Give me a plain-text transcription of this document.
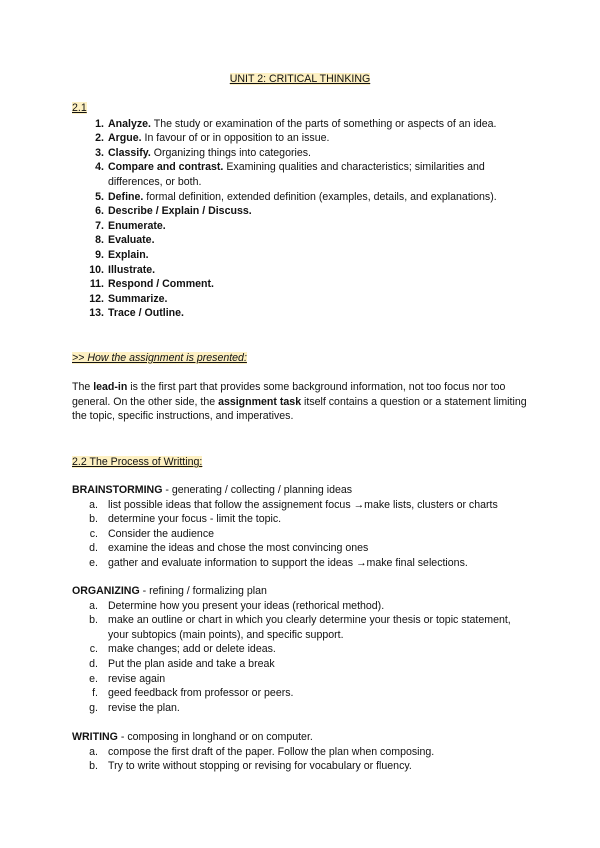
UNIT 2: CRITICAL THINKING
2.1
1. Analyze. The study or examination of the parts of something or aspects of an idea.
2. Argue. In favour of or in opposition to an issue.
3. Classify. Organizing things into categories.
4. Compare and contrast. Examining qualities and characteristics; similarities and differences, or both.
5. Define. formal definition, extended definition (examples, details, and explanations).
6. Describe / Explain / Discuss.
7. Enumerate.
8. Evaluate.
9. Explain.
10. Illustrate.
11. Respond / Comment.
12. Summarize.
13. Trace / Outline.
>> How the assignment is presented:

The lead-in is the first part that provides some background information, not too focus nor too general. On the other side, the assignment task itself contains a question or a statement limiting the topic, specific instructions, and imperatives.

2.2 The Process of Writting:

BRAINSTORMING - generating / collecting / planning ideas

a. list possible ideas that follow the assignement focus →make lists, clusters or charts
b. determine your focus - limit the topic.
c. Consider the audience
d. examine the ideas and chose the most convincing ones
e. gather and evaluate information to support the ideas →make final selections.

ORGANIZING - refining / formalizing plan

a. Determine how you present your ideas (rethorical method).
b. make an outline or chart in which you clearly determine your thesis or topic statement, your subtopics (main points), and specific support.
c. make changes; add or delete ideas.
d. Put the plan aside and take a break
e. revise again
f. geed feedback from professor or peers.
g. revise the plan.

WRITING - composing in longhand or on computer.

a. compose the first draft of the paper. Follow the plan when composing.
b. Try to write without stopping or revising for vocabulary or fluency.
